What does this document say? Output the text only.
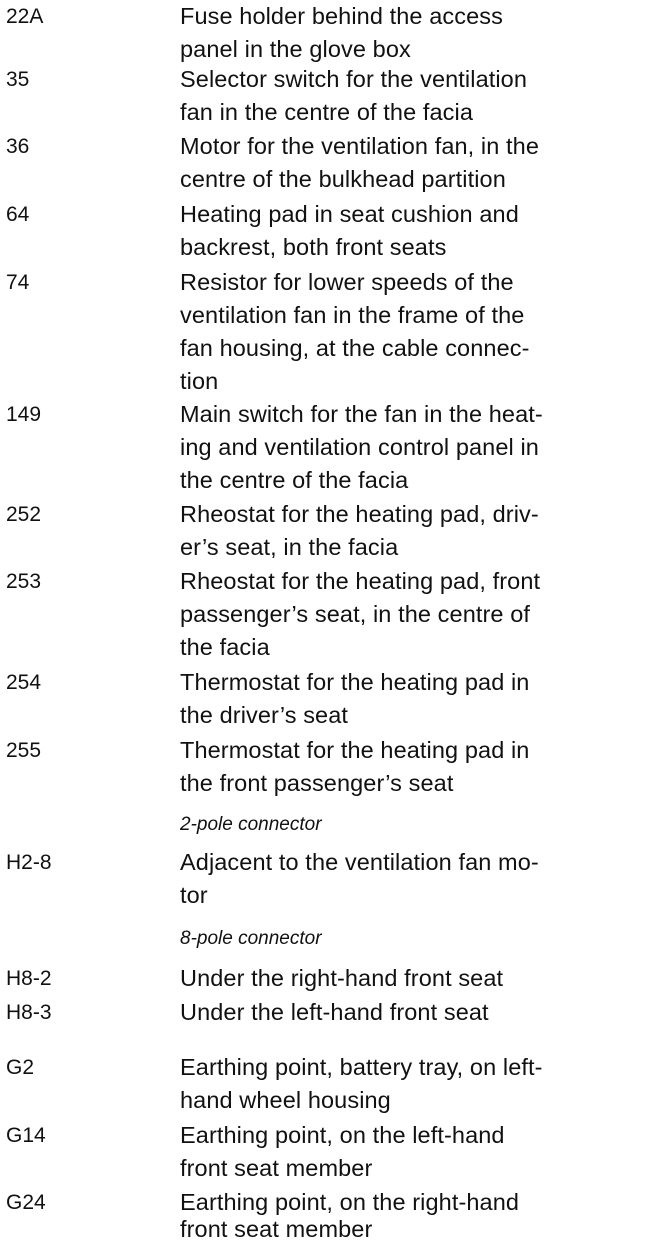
22A	Fuse holder behind the access
panel in the glove box
35	Selector switch for the ventilation
fan in the centre of the facia
36	Motor for the ventilation fan, in the
centre of the bulkhead partition
64	Heating pad in seat cushion and
backrest, both front seats
74	Resistor for lower speeds of the
ventilation fan in the frame of the
fan housing, at the cable connec-
tion
149	Main switch for the fan in the heat-
ing and ventilation control panel in
the centre of the facia
252	Rheostat for the heating pad, driv-
er’s seat, in the facia
253	Rheostat for the heating pad, front
passenger’s seat, in the centre of
the facia
254	Thermostat for the heating pad in
the driver’s seat
255	Thermostat for the heating pad in
the front passenger’s seat
2-pole connector
H2-8	Adjacent to the ventilation fan mo-
tor
8-pole connector
H8-2	Under the right-hand front seat
H8-3	Under the left-hand front seat
G2	Earthing point, battery tray, on left-
hand wheel housing
G14	Earthing point, on the left-hand
front seat member
G24	Earthing point, on the right-hand
front seat member
